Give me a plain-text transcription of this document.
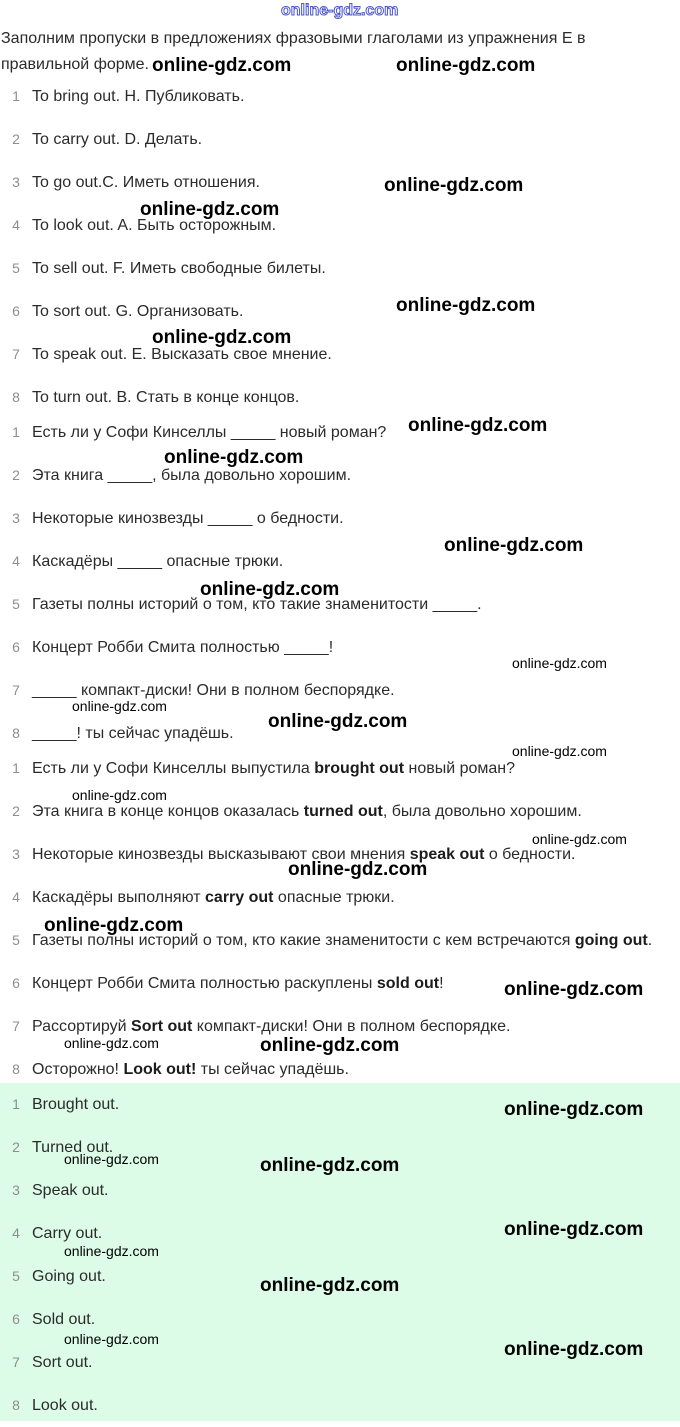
online-gdz.com
Заполним пропуски в предложениях фразовыми глаголами из упражнения E в правильной форме.
1 To bring out. H. Публиковать.
2 To carry out. D. Делать.
3 To go out.C. Иметь отношения.
4 To look out. A. Быть осторожным.
5 To sell out. F. Иметь свободные билеты.
6 To sort out. G. Организовать.
7 To speak out. E. Высказать свое мнение.
8 To turn out. B. Стать в конце концов.
1 Есть ли у Софи Кинселлы _____ новый роман?
2 Эта книга _____, была довольно хорошим.
3 Некоторые кинозвезды _____ о бедности.
4 Каскадёры _____ опасные трюки.
5 Газеты полны историй о том, кто такие знаменитости _____.
6 Концерт Робби Смита полностью _____!
7 _____ компакт-диски! Они в полном беспорядке.
8 _____! ты сейчас упадёшь.
1 Есть ли у Софи Кинселлы выпустила brought out новый роман?
2 Эта книга в конце концов оказалась turned out, была довольно хорошим.
3 Некоторые кинозвезды высказывают свои мнения speak out о бедности.
4 Каскадёры выполняют carry out опасные трюки.
5 Газеты полны историй о том, кто какие знаменитости с кем встречаются going out.
6 Концерт Робби Смита полностью раскуплены sold out!
7 Рассортируй Sort out компакт-диски! Они в полном беспорядке.
8 Осторожно! Look out! ты сейчас упадёшь.
1 Brought out.
2 Turned out.
3 Speak out.
4 Carry out.
5 Going out.
6 Sold out.
7 Sort out.
8 Look out.
online-gdz.com	online-gdz.com
online-gdz.com
online-gdz.com
online-gdz.com
online-gdz.com
online-gdz.com
online-gdz.com
online-gdz.com
online-gdz.com
online-gdz.com
online-gdz.com
online-gdz.com
online-gdz.com
online-gdz.com
online-gdz.com
online-gdz.com
online-gdz.com
online-gdz.com
online-gdz.com
online-gdz.com
online-gdz.com
online-gdz.com
online-gdz.com
online-gdz.com
online-gdz.com
online-gdz.com
online-gdz.com
online-gdz.com
